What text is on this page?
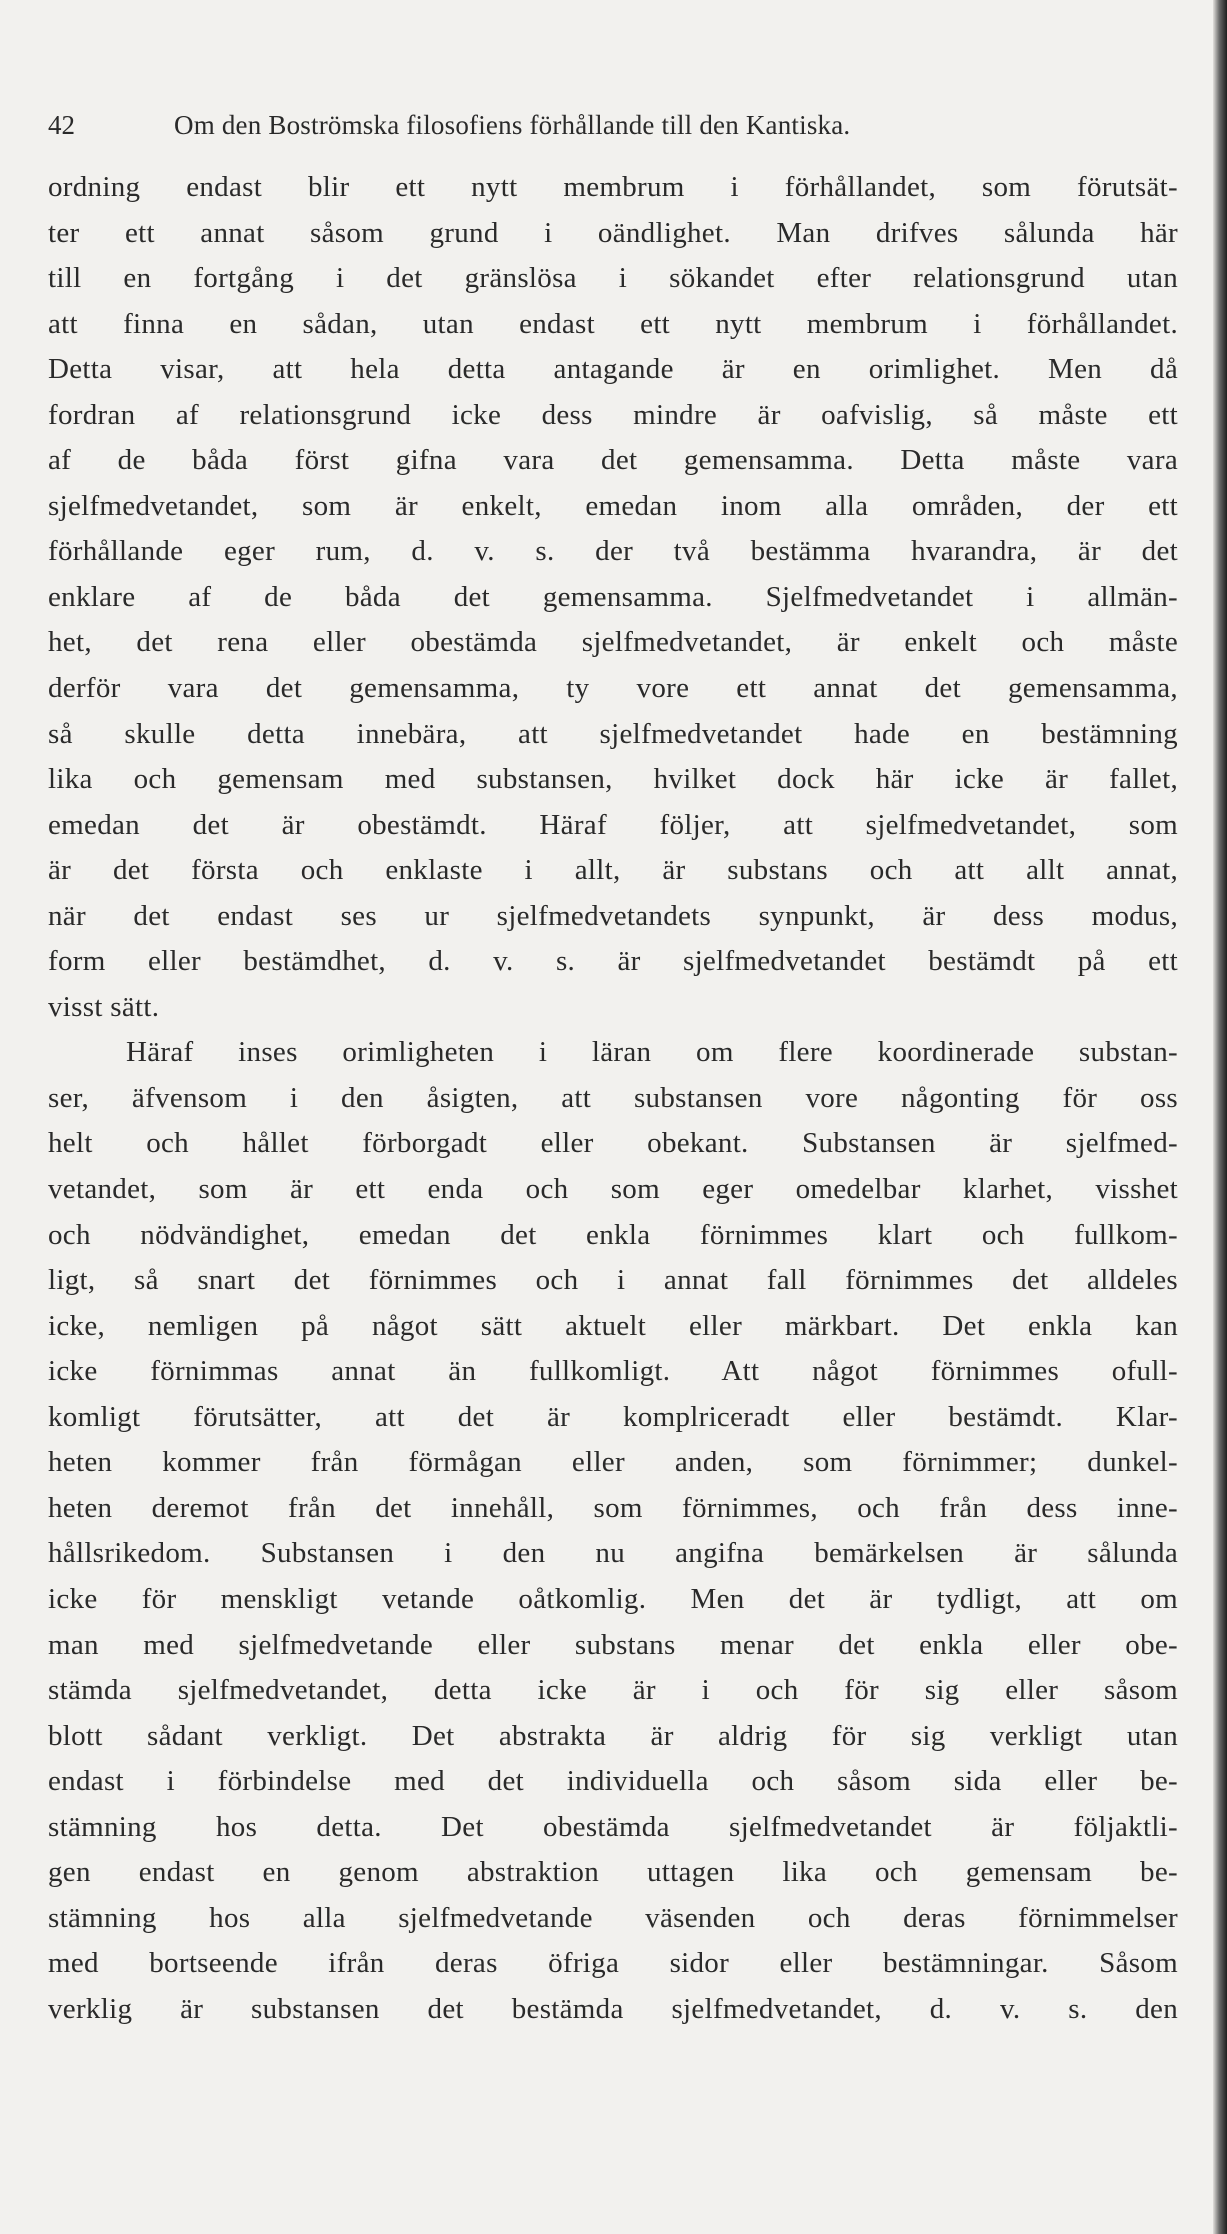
42	Om den Boströmska filosofiens förhållande till den Kantiska.
ordning endast blir ett nytt membrum i förhållandet, som förutsät-
ter ett annat såsom grund i oändlighet. Man drifves sålunda här
till en fortgång i det gränslösa i sökandet efter relationsgrund utan
att finna en sådan, utan endast ett nytt membrum i förhållandet.
Detta visar, att hela detta antagande är en orimlighet. Men då
fordran af relationsgrund icke dess mindre är oafvislig, så måste ett
af de båda först gifna vara det gemensamma. Detta måste vara
sjelfmedvetandet, som är enkelt, emedan inom alla områden, der ett
förhållande eger rum, d. v. s. der två bestämma hvarandra, är det
enklare af de båda det gemensamma. Sjelfmedvetandet i allmän-
het, det rena eller obestämda sjelfmedvetandet, är enkelt och måste
derför vara det gemensamma, ty vore ett annat det gemensamma,
så skulle detta innebära, att sjelfmedvetandet hade en bestämning
lika och gemensam med substansen, hvilket dock här icke är fallet,
emedan det är obestämdt. Häraf följer, att sjelfmedvetandet, som
är det första och enklaste i allt, är substans och att allt annat,
när det endast ses ur sjelfmedvetandets synpunkt, är dess modus,
form eller bestämdhet, d. v. s. är sjelfmedvetandet bestämdt på ett
visst sätt.
Häraf inses orimligheten i läran om flere koordinerade substan-
ser, äfvensom i den åsigten, att substansen vore någonting för oss
helt och hållet förborgadt eller obekant. Substansen är sjelfmed-
vetandet, som är ett enda och som eger omedelbar klarhet, visshet
och nödvändighet, emedan det enkla förnimmes klart och fullkom-
ligt, så snart det förnimmes och i annat fall förnimmes det alldeles
icke, nemligen på något sätt aktuelt eller märkbart. Det enkla kan
icke förnimmas annat än fullkomligt. Att något förnimmes ofull-
komligt förutsätter, att det är komplriceradt eller bestämdt. Klar-
heten kommer från förmågan eller anden, som förnimmer; dunkel-
heten deremot från det innehåll, som förnimmes, och från dess inne-
hållsrikedom. Substansen i den nu angifna bemärkelsen är sålunda
icke för menskligt vetande oåtkomlig. Men det är tydligt, att om
man med sjelfmedvetande eller substans menar det enkla eller obe-
stämda sjelfmedvetandet, detta icke är i och för sig eller såsom
blott sådant verkligt. Det abstrakta är aldrig för sig verkligt utan
endast i förbindelse med det individuella och såsom sida eller be-
stämning hos detta. Det obestämda sjelfmedvetandet är följaktli-
gen endast en genom abstraktion uttagen lika och gemensam be-
stämning hos alla sjelfmedvetande väsenden och deras förnimmelser
med bortseende ifrån deras öfriga sidor eller bestämningar. Såsom
verklig är substansen det bestämda sjelfmedvetandet, d. v. s. den
